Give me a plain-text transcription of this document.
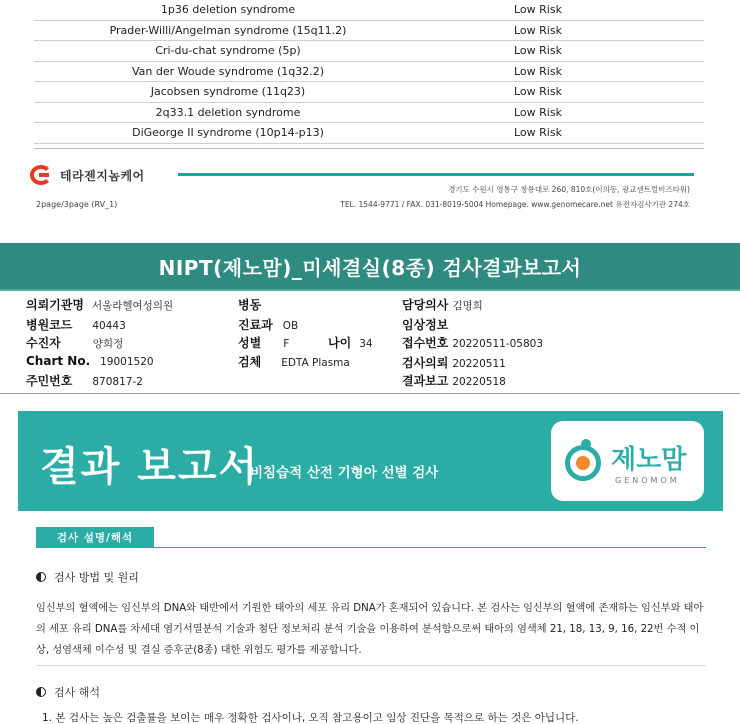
1p36 deletion syndrome	Low Risk
Prader-Willi/Angelman syndrome (15q11.2)	Low Risk
Cri-du-chat syndrome (5p)	Low Risk
Van der Woude syndrome (1q32.2)	Low Risk
Jacobsen syndrome (11q23)	Low Risk
2q33.1 deletion syndrome	Low Risk
DiGeorge II syndrome (10p14-p13)	Low Risk
테라젠지놈케어
경기도 수원시 영통구 창룡대로 260, 810호(이의동, 광교센트럴비즈타워)
TEL. 1544-9771 / FAX. 031-8019-5004 Homepage. www.genomecare.net 유전자검사기관 274호
2page/3page (RV_1)
NIPT(제노맘)_미세결실(8종) 검사결과보고서
의뢰기관명 서울라헬여성의원
병원코드 40443
수진자	양희정
Chart No. 19001520
주민번호 870817-2
병동
진료과 OB
성별 F	나이 34
검체 EDTA Plasma
담당의사 김명희
임상정보
접수번호 20220511-05803
검사의뢰 20220511
결과보고 20220518
결과 보고서
비침습적 산전 기형아 선별 검사	제노맘
GENOMOM
검사 설명/해석
검사 방법 및 원리
임신부의 혈액에는 임신부의 DNA와 태반에서 기원한 태아의 세포 유리 DNA가 혼재되어 있습니다. 본 검사는 임신부의 혈액에 존재하는 임신부와 태아의 세포 유리 DNA를 차세대 염기서열분석 기술과 첨단 정보처리 분석 기술을 이용하여 분석함으로써 태아의 염색체 21, 18, 13, 9, 16, 22번 수적 이상, 성염색체 이수성 및 결실 증후군(8종) 대한 위험도 평가를 제공합니다.
검사 해석
1. 본 검사는 높은 검출률을 보이는 매우 정확한 검사이나, 오직 참고용이고 임상 진단을 목적으로 하는 것은 아닙니다.
